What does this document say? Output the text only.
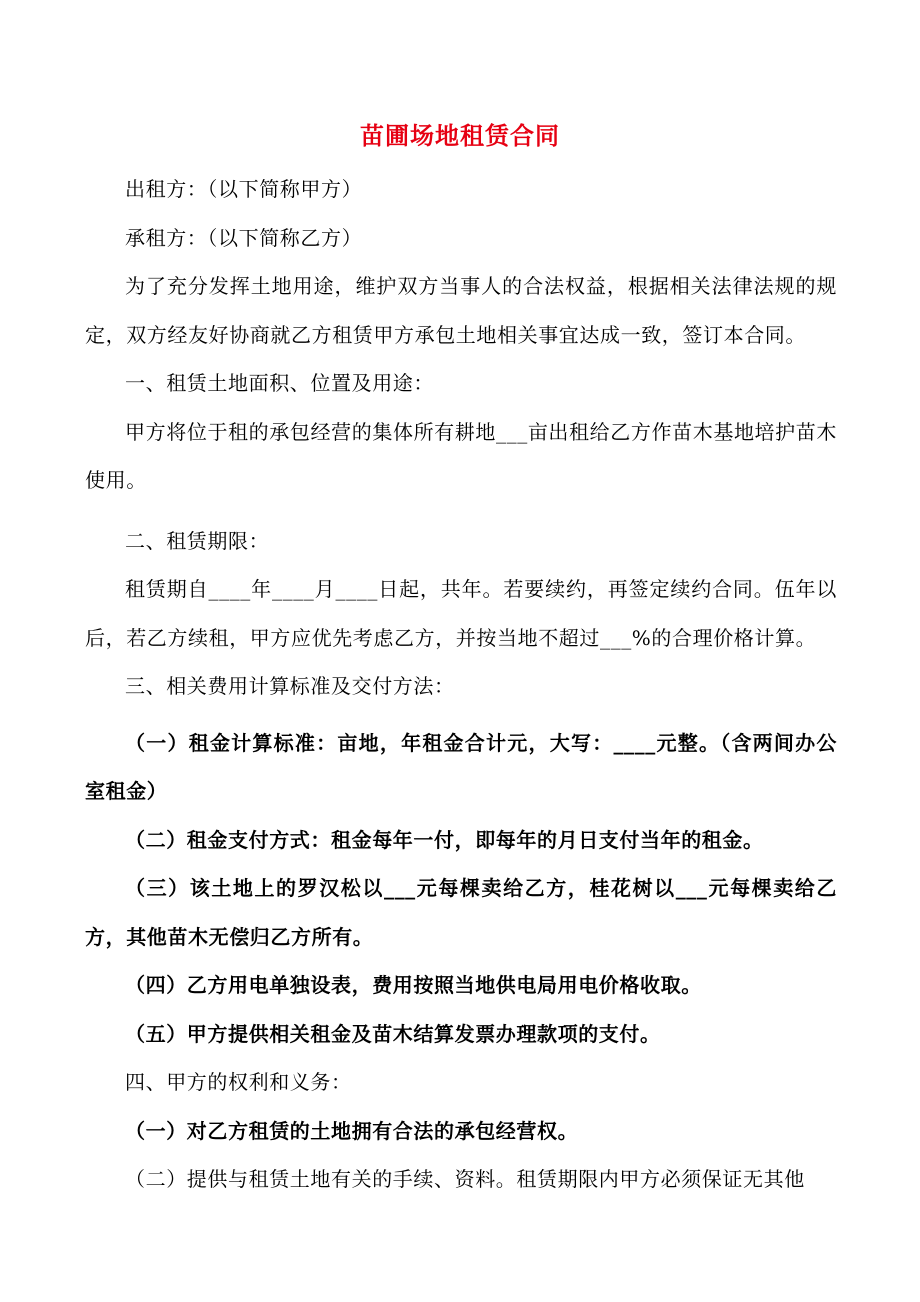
苗圃场地租赁合同

出租方：（以下简称甲方）

承租方：（以下简称乙方）

为了充分发挥土地用途，维护双方当事人的合法权益，根据相关法律法规的规定，双方经友好协商就乙方租赁甲方承包土地相关事宜达成一致，签订本合同。

一、租赁土地面积、位置及用途：

甲方将位于租的承包经营的集体所有耕地___亩出租给乙方作苗木基地培护苗木使用。

二、租赁期限：

租赁期自____年____月____日起，共年。若要续约，再签定续约合同。伍年以后，若乙方续租，甲方应优先考虑乙方，并按当地不超过___%的合理价格计算。

三、相关费用计算标准及交付方法：

（一）租金计算标准：亩地，年租金合计元，大写：____元整。（含两间办公室租金）

（二）租金支付方式：租金每年一付，即每年的月日支付当年的租金。

（三）该土地上的罗汉松以___元每棵卖给乙方，桂花树以___元每棵卖给乙方，其他苗木无偿归乙方所有。

（四）乙方用电单独设表，费用按照当地供电局用电价格收取。

（五）甲方提供相关租金及苗木结算发票办理款项的支付。

四、甲方的权利和义务：

（一）对乙方租赁的土地拥有合法的承包经营权。

（二）提供与租赁土地有关的手续、资料。租赁期限内甲方必须保证无其他
